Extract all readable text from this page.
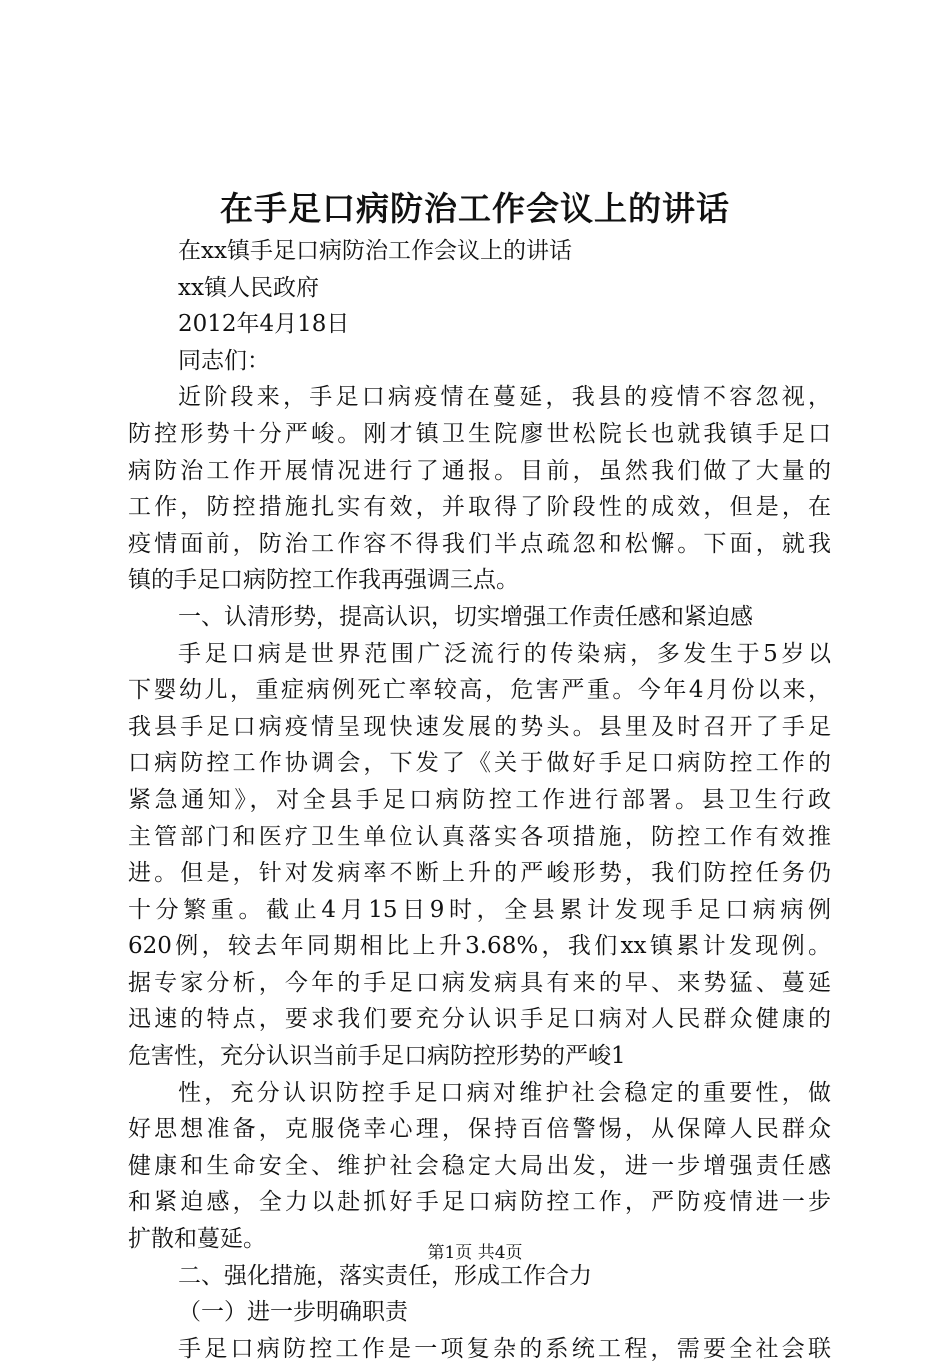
在手足口病防治工作会议上的讲话
在xx镇手足口病防治工作会议上的讲话
xx镇人民政府
2012年4月18日
同志们：
近阶段来，手足口病疫情在蔓延，我县的疫情不容忽视，
防控形势十分严峻。刚才镇卫生院廖世松院长也就我镇手足口
病防治工作开展情况进行了通报。目前，虽然我们做了大量的
工作，防控措施扎实有效，并取得了阶段性的成效，但是，在
疫情面前，防治工作容不得我们半点疏忽和松懈。下面，就我
镇的手足口病防控工作我再强调三点。
一、认清形势，提高认识，切实增强工作责任感和紧迫感
手足口病是世界范围广泛流行的传染病，多发生于5岁以
下婴幼儿，重症病例死亡率较高，危害严重。今年4月份以来，
我县手足口病疫情呈现快速发展的势头。县里及时召开了手足
口病防控工作协调会，下发了《关于做好手足口病防控工作的
紧急通知》，对全县手足口病防控工作进行部署。县卫生行政
主管部门和医疗卫生单位认真落实各项措施，防控工作有效推
进。但是，针对发病率不断上升的严峻形势，我们防控任务仍
十分繁重。截止4月15日9时，全县累计发现手足口病病例
620例，较去年同期相比上升3.68%，我们xx镇累计发现例。
据专家分析，今年的手足口病发病具有来的早、来势猛、蔓延
迅速的特点，要求我们要充分认识手足口病对人民群众健康的
危害性，充分认识当前手足口病防控形势的严峻1
性，充分认识防控手足口病对维护社会稳定的重要性，做
好思想准备，克服侥幸心理，保持百倍警惕，从保障人民群众
健康和生命安全、维护社会稳定大局出发，进一步增强责任感
和紧迫感，全力以赴抓好手足口病防控工作，严防疫情进一步
扩散和蔓延。
二、强化措施，落实责任，形成工作合力
（一）进一步明确职责
手足口病防控工作是一项复杂的系统工程，需要全社会联
第1页 共4页
